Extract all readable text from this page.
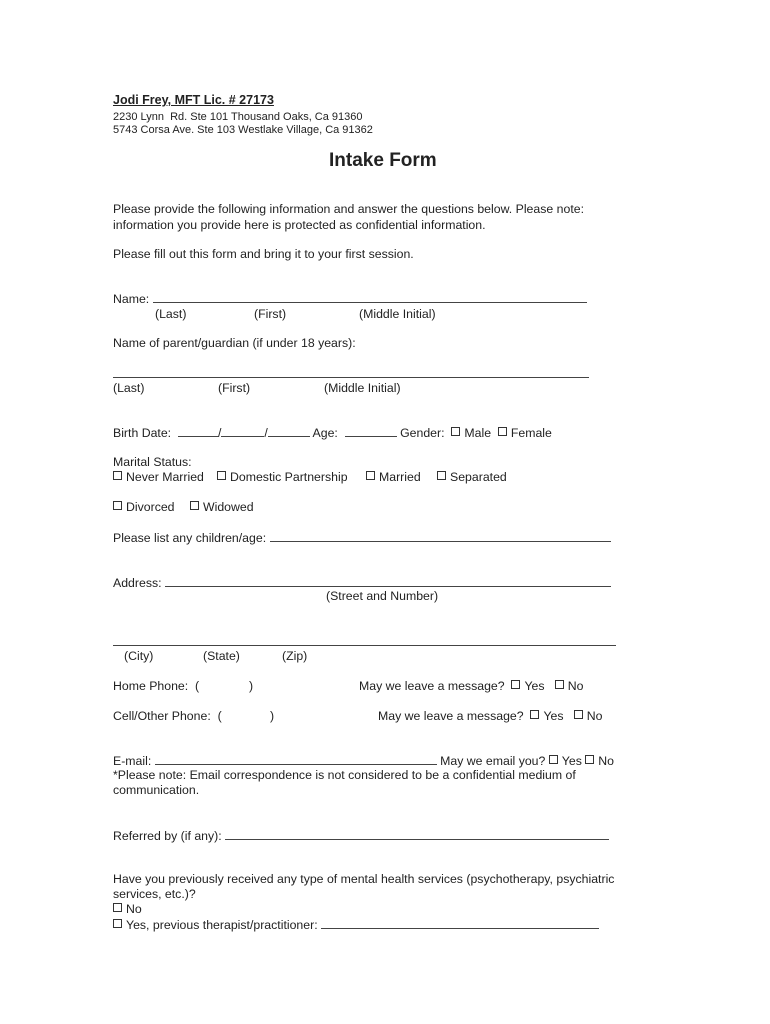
Jodi Frey, MFT Lic. # 27173
2230 Lynn  Rd. Ste 101 Thousand Oaks, Ca 91360
5743 Corsa Ave. Ste 103 Westlake Village, Ca 91362
Intake Form
Please provide the following information and answer the questions below. Please note:
information you provide here is protected as confidential information.
Please fill out this form and bring it to your first session.
Name:
(Last)	(First)	(Middle Initial)
Name of parent/guardian (if under 18 years):
(Last)	(First)	(Middle Initial)
Birth Date:	/	/	Age:	Gender: Male Female
Marital Status:
Never Married	Domestic Partnership	Married	Separated
Divorced	Widowed
Please list any children/age:
Address:
(Street and Number)
(City)	(State)	(Zip)
Home Phone:  (	)	May we leave a message? Yes No
Cell/Other Phone:  (	)	May we leave a message? Yes No
E-mail:	May we email you? Yes No
*Please note: Email correspondence is not considered to be a confidential medium of
communication.
Referred by (if any):
Have you previously received any type of mental health services (psychotherapy, psychiatric
services, etc.)?
No
Yes, previous therapist/practitioner:
